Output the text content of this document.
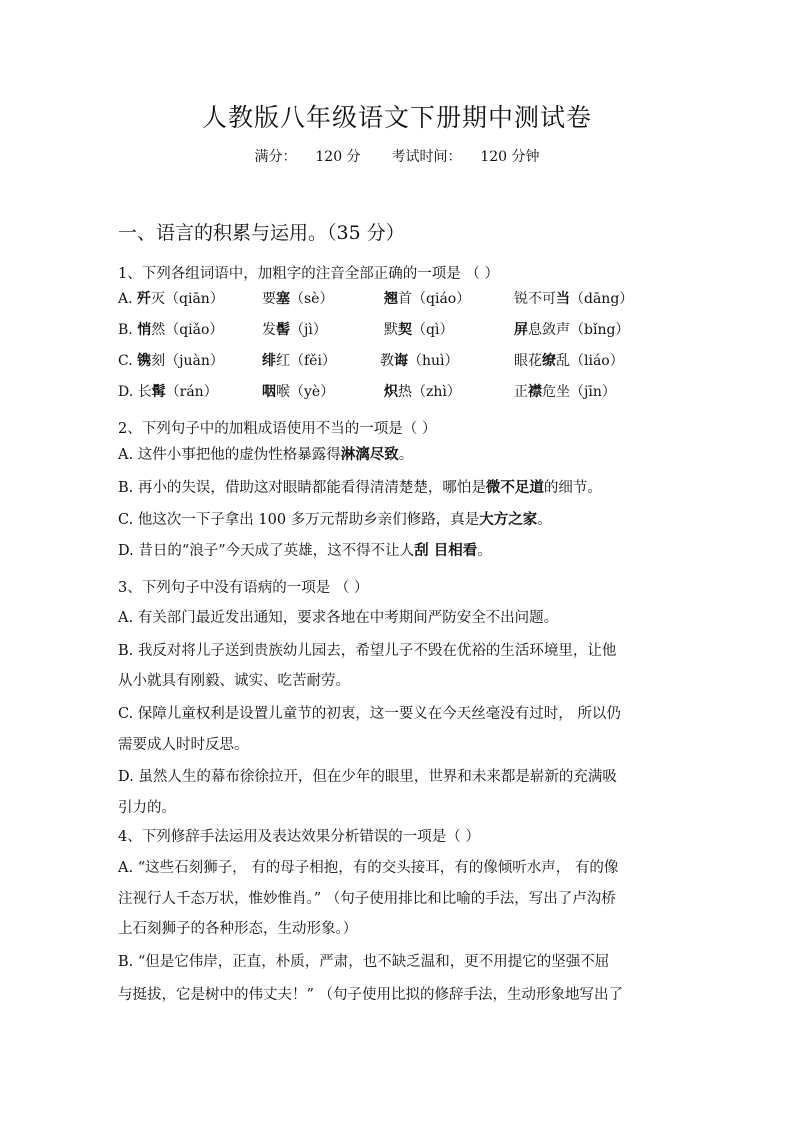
人教版八年级语文下册期中测试卷
满分： 120 分 考试时间： 120 分钟
一、语言的积累与运用。（35 分）
1、下列各组词语中，加粗字的注音全部正确的一项是 （ ）
A. 歼灭（qiān）	要塞（sè）	翘首（qiáo）	锐不可当（dāng）
B. 悄然（qiǎo）	发髻（jì）	默契（qì）	屏息敛声（bǐng）
C. 镌刻（juàn）	绯红（fěi）	教诲（huì）	眼花缭乱（liáo）
D. 长髯（rán）	咽喉（yè）	炽热（zhì）	正襟危坐（jīn）
2、下列句子中的加粗成语使用不当的一项是（ ）
A. 这件小事把他的虚伪性格暴露得淋漓尽致。
B. 再小的失误，借助这对眼睛都能看得清清楚楚，哪怕是微不足道的细节。
C. 他这次一下子拿出 100 多万元帮助乡亲们修路，真是大方之家。
D. 昔日的“浪子”今天成了英雄，这不得不让人刮 目相看。
3、下列句子中没有语病的一项是 （ ）
A. 有关部门最近发出通知，要求各地在中考期间严防安全不出问题。
B. 我反对将儿子送到贵族幼儿园去，希望儿子不毁在优裕的生活环境里，让他
从小就具有刚毅、诚实、吃苦耐劳。
C. 保障儿童权利是设置儿童节的初衷，这一要义在今天丝毫没有过时， 所以仍
需要成人时时反思。
D. 虽然人生的幕布徐徐拉开，但在少年的眼里，世界和未来都是崭新的充满吸
引力的。
4、下列修辞手法运用及表达效果分析错误的一项是（ ）
A. “这些石刻狮子， 有的母子相抱，有的交头接耳，有的像倾听水声， 有的像
注视行人千态万状，惟妙惟肖。” （句子使用排比和比喻的手法，写出了卢沟桥
上石刻狮子的各种形态，生动形象。）
B. “但是它伟岸，正直，朴质，严肃，也不缺乏温和，更不用提它的坚强不屈
与挺拔，它是树中的伟丈夫！” （句子使用比拟的修辞手法，生动形象地写出了
